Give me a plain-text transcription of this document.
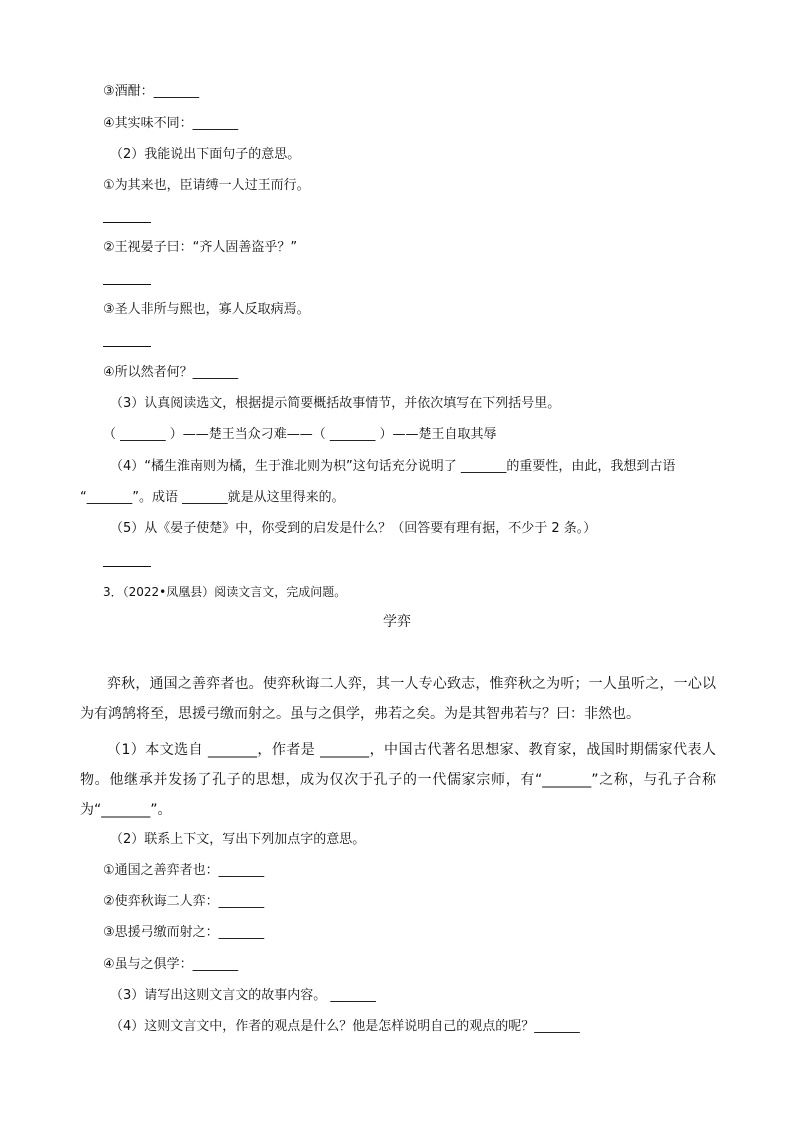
③酒酣：_______

④其实味不同：_______

（2）我能说出下面句子的意思。

①为其来也，臣请缚一人过王而行。

②王视晏子曰：“齐人固善盗乎？”

③圣人非所与熙也，寡人反取病焉。

④所以然者何？_______

（3）认真阅读选文，根据提示简要概括故事情节，并依次填写在下列括号里。

（ _______ ）——楚王当众刁难——（ _______ ）——楚王自取其辱

（4）“橘生淮南则为橘，生于淮北则为枳”这句话充分说明了 _______的重要性，由此，我想到古语

“_______”。成语 _______就是从这里得来的。

（5）从《晏子使楚》中，你受到的启发是什么？（回答要有理有据，不少于 2 条。）

3．（2022•凤凰县）阅读文言文，完成问题。

学弈

弈秋，通国之善弈者也。使弈秋诲二人弈，其一人专心致志，惟弈秋之为听；一人虽听之，一心以为有鸿鹄将至，思援弓缴而射之。虽与之俱学，弗若之矣。为是其智弗若与？曰：非然也。

（1）本文选自 _______，作者是 _______，中国古代著名思想家、教育家，战国时期儒家代表人物。他继承并发扬了孔子的思想，成为仅次于孔子的一代儒家宗师，有“_______”之称，与孔子合称为“_______”。

（2）联系上下文，写出下列加点字的意思。

①通国之善弈者也：_______

②使弈秋诲二人弈：_______

③思援弓缴而射之：_______

④虽与之俱学：_______

（3）请写出这则文言文的故事内容。 _______

（4）这则文言文中，作者的观点是什么？他是怎样说明自己的观点的呢？_______
